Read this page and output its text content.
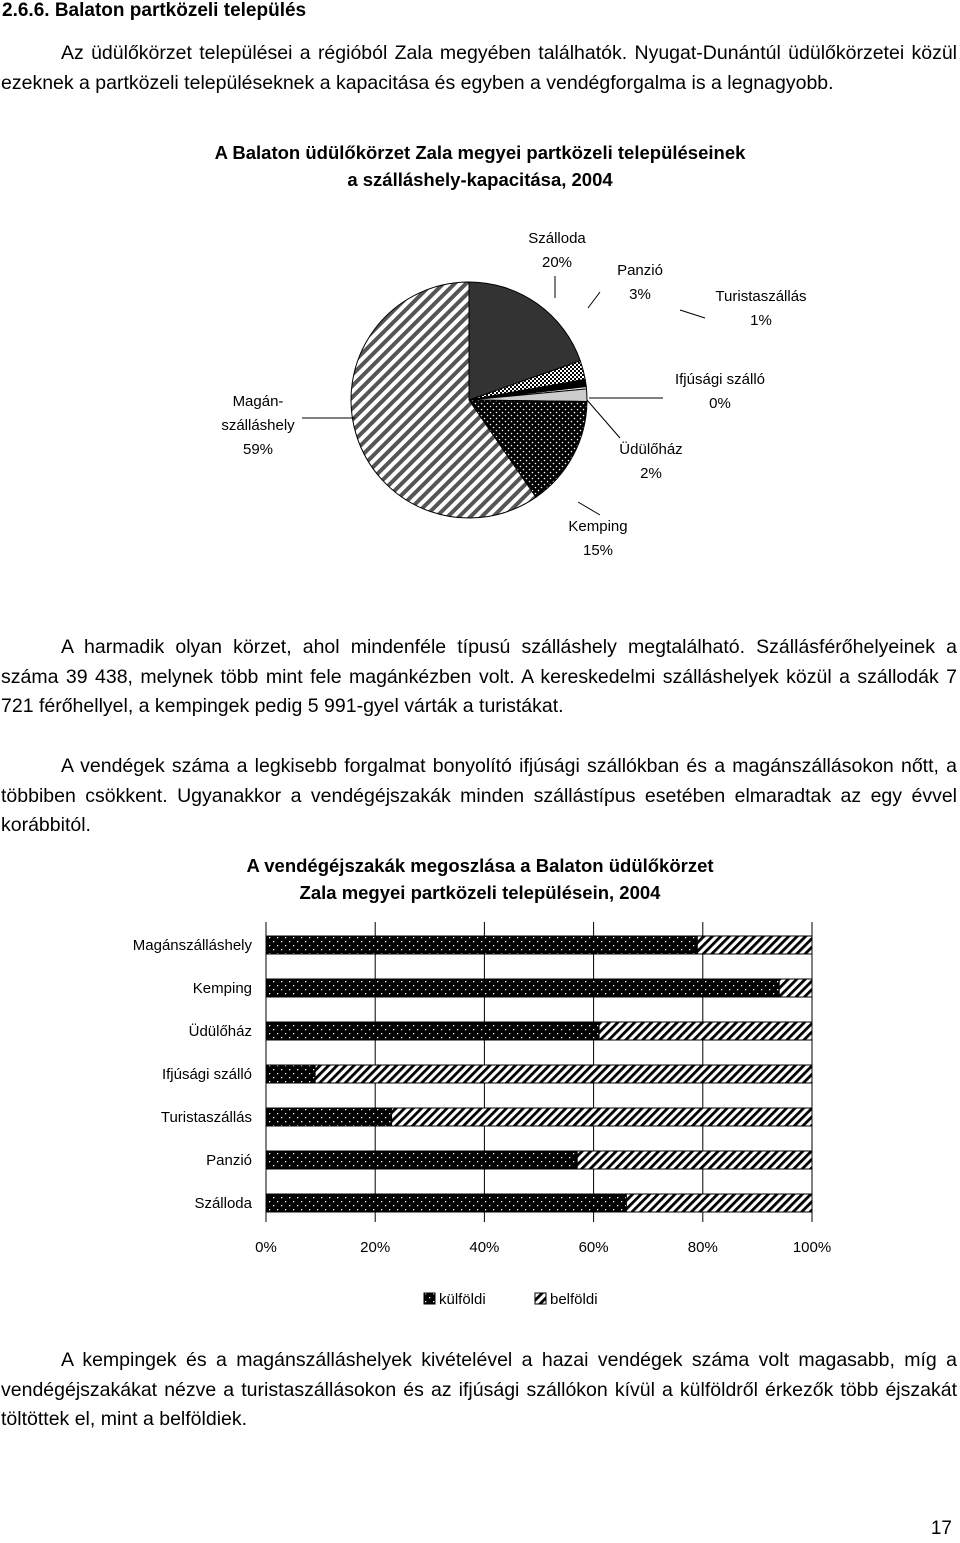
2.6.6. Balaton partközeli település
Az üdülőkörzet települései a régióból Zala megyében találhatók. Nyugat-Dunántúl üdülőkörzetei közül ezeknek a partközeli településeknek a kapacitása és egyben a vendégforgalma is a legnagyobb.
A Balaton üdülőkörzet Zala megyei partközeli településeinek
a szálláshely-kapacitása, 2004
Szálloda
20%	Panzió
3%	Turistaszállás
1%
Ifjúsági szálló
0%
Üdülőház
2%
Kemping
15%
Magán-
szálláshely
59%
A harmadik olyan körzet, ahol mindenféle típusú szálláshely megtalálható. Szállásférőhelyeinek a száma 39 438, melynek több mint fele magánkézben volt. A kereskedelmi szálláshelyek közül a szállodák 7 721 férőhellyel, a kempingek pedig 5 991-gyel várták a turistákat.
A vendégek száma a legkisebb forgalmat bonyolító ifjúsági szállókban és a magánszállásokon nőtt, a többiben csökkent. Ugyanakkor a vendégéjszakák minden szállástípus esetében elmaradtak az egy évvel korábbitól.
A vendégéjszakák megoszlása a Balaton üdülőkörzet
Zala megyei partközeli településein, 2004
Magánszálláshely
Kemping
Üdülőház
Ifjúsági szálló
Turistaszállás
Panzió
Szálloda
0%	20%	40%	60%	80%	100%
külföldi	belföldi
A kempingek és a magánszálláshelyek kivételével a hazai vendégek száma volt magasabb, míg a vendégéjszakákat nézve a turistaszállásokon és az ifjúsági szállókon kívül a külföldről érkezők több éjszakát töltöttek el, mint a belföldiek.
17
